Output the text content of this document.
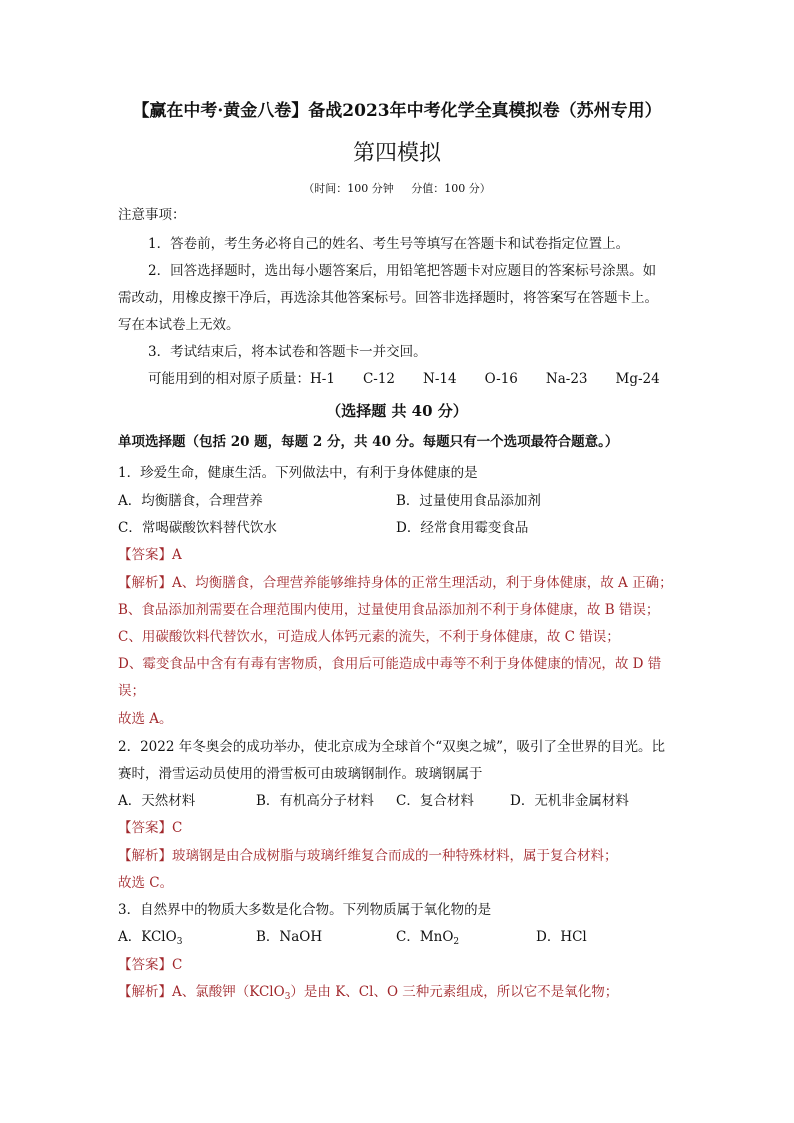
【赢在中考·黄金八卷】备战2023年中考化学全真模拟卷（苏州专用）
第四模拟
（时间：100 分钟     分值：100 分）
注意事项：
1．答卷前，考生务必将自己的姓名、考生号等填写在答题卡和试卷指定位置上。
2．回答选择题时，选出每小题答案后，用铅笔把答题卡对应题目的答案标号涂黑。如
需改动，用橡皮擦干净后，再选涂其他答案标号。回答非选择题时，将答案写在答题卡上。
写在本试卷上无效。
3．考试结束后，将本试卷和答题卡一并交回。
可能用到的相对原子质量：H-1 C-12 N-14 O-16 Na-23 Mg-24
（选择题 共 40 分）
单项选择题（包括 20 题，每题 2 分，共 40 分。每题只有一个选项最符合题意。）
1．珍爱生命，健康生活。下列做法中，有利于身体健康的是
A．均衡膳食，合理营养	B．过量使用食品添加剂
C．常喝碳酸饮料替代饮水	D．经常食用霉变食品
【答案】A
【解析】A、均衡膳食，合理营养能够维持身体的正常生理活动，利于身体健康，故 A 正确；
B、食品添加剂需要在合理范围内使用，过量使用食品添加剂不利于身体健康，故 B 错误；
C、用碳酸饮料代替饮水，可造成人体钙元素的流失，不利于身体健康，故 C 错误；
D、霉变食品中含有有毒有害物质，食用后可能造成中毒等不利于身体健康的情况，故 D 错
误；
故选 A。
2．2022 年冬奥会的成功举办，使北京成为全球首个“双奥之城”，吸引了全世界的目光。比
赛时，滑雪运动员使用的滑雪板可由玻璃钢制作。玻璃钢属于
A．天然材料	B．有机高分子材料 C．复合材料	D．无机非金属材料
【答案】C
【解析】玻璃钢是由合成树脂与玻璃纤维复合而成的一种特殊材料，属于复合材料；
故选 C。
3．自然界中的物质大多数是化合物。下列物质属于氧化物的是
A．KClO$_3$	B．NaOH	C．MnO$_2$	D．HCl
【答案】C
【解析】A、氯酸钾（KClO$_3$）是由 K、Cl、O 三种元素组成，所以它不是氧化物；
